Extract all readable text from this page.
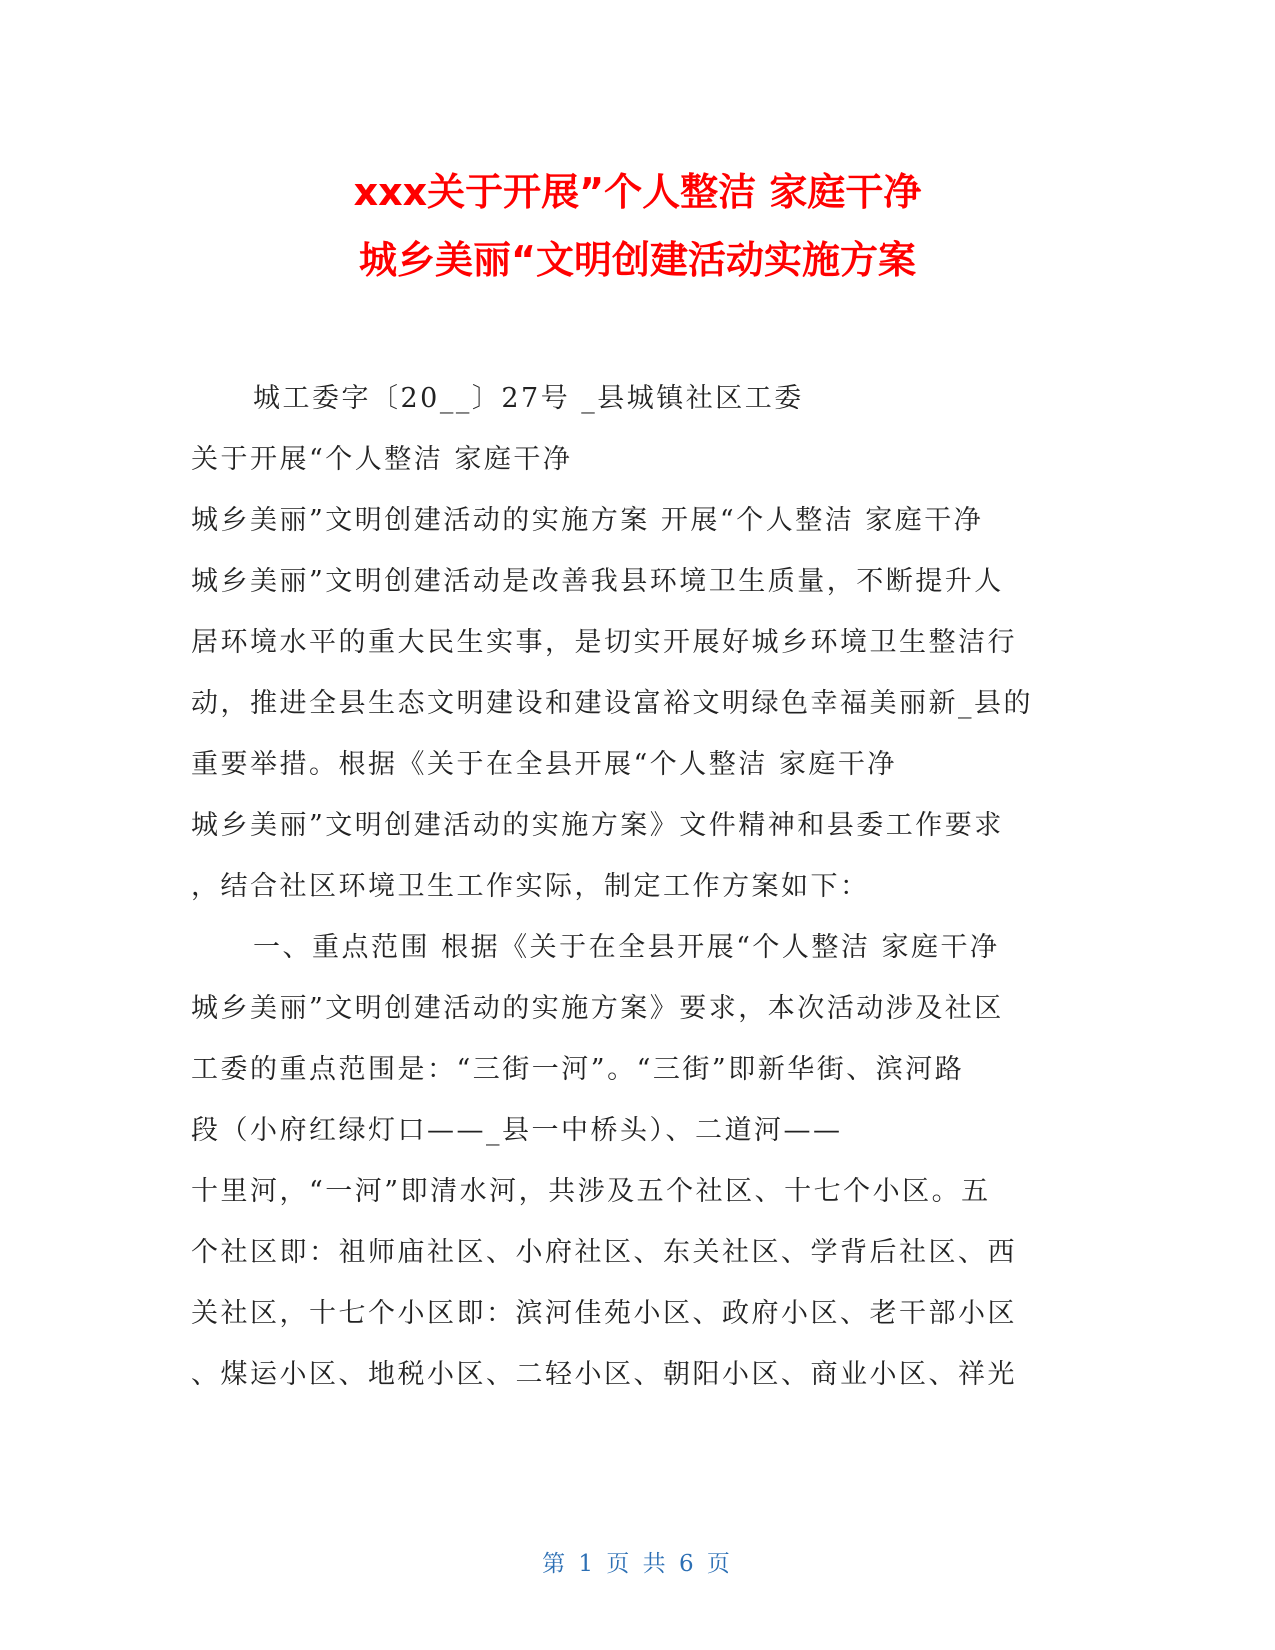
xxx关于开展”个人整洁 家庭干净
城乡美丽“文明创建活动实施方案
城工委字〔20__〕27号 _县城镇社区工委
关于开展“个人整洁 家庭干净
城乡美丽”文明创建活动的实施方案 开展“个人整洁 家庭干净
城乡美丽”文明创建活动是改善我县环境卫生质量，不断提升人
居环境水平的重大民生实事，是切实开展好城乡环境卫生整洁行
动，推进全县生态文明建设和建设富裕文明绿色幸福美丽新_县的
重要举措。根据《关于在全县开展“个人整洁 家庭干净
城乡美丽”文明创建活动的实施方案》文件精神和县委工作要求
，结合社区环境卫生工作实际，制定工作方案如下：
一、重点范围 根据《关于在全县开展“个人整洁 家庭干净
城乡美丽”文明创建活动的实施方案》要求，本次活动涉及社区
工委的重点范围是：“三街一河”。“三街”即新华街、滨河路
段（小府红绿灯口——_县一中桥头）、二道河——
十里河，“一河”即清水河，共涉及五个社区、十七个小区。五
个社区即：祖师庙社区、小府社区、东关社区、学背后社区、西
关社区，十七个小区即：滨河佳苑小区、政府小区、老干部小区
、煤运小区、地税小区、二轻小区、朝阳小区、商业小区、祥光
第 1 页 共 6 页
